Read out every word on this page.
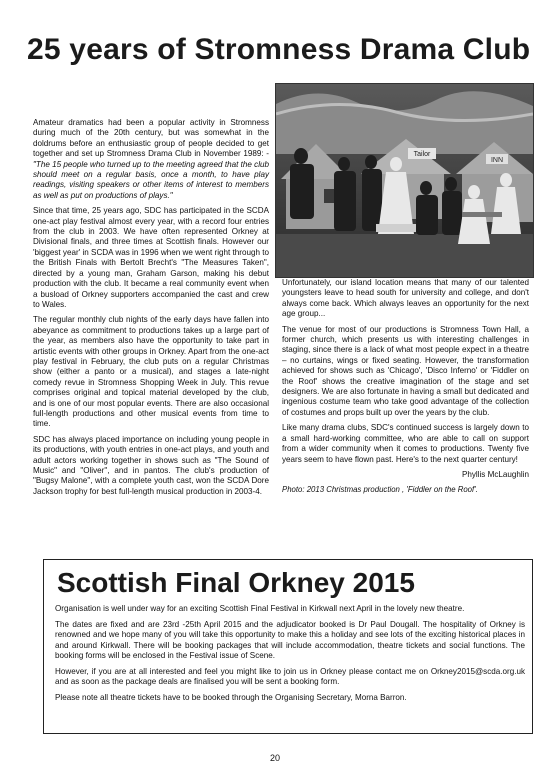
25 years of Stromness Drama Club

Amateur dramatics had been a popular activity in Stromness during much of the 20th century, but was somewhat in the doldrums before an enthusiastic group of people decided to get together and set up Stromness Drama Club in November 1989: - "The 15 people who turned up to the meeting agreed that the club should meet on a regular basis, once a month, to have play readings, visiting speakers or other items of interest to members as well as put on productions of plays."

Since that time, 25 years ago, SDC has participated in the SCDA one-act play festival almost every year, with a record four entries from the club in 2003. We have often represented Orkney at Divisional finals, and three times at Scottish finals. However our 'biggest year' in SCDA was in 1996 when we went right through to the British Finals with Bertolt Brecht's "The Measures Taken", directed by a young man, Graham Garson, making his debut production with the club. It became a real community event when a busload of Orkney supporters accompanied the cast and crew to Wales.

The regular monthly club nights of the early days have fallen into abeyance as commitment to productions takes up a large part of the year, as members also have the opportunity to take part in artistic events with other groups in Orkney. Apart from the one-act play festival in February, the club puts on a regular Christmas show (either a panto or a musical), and stages a late-night comedy revue in Stromness Shopping Week in July. This revue comprises original and topical material developed by the club, and is one of our most popular events. There are also occasional full-length productions and other musical events from time to time.

SDC has always placed importance on including young people in its productions, with youth entries in one-act plays, and youth and adult actors working together in shows such as "The Sound of Music" and "Oliver", and in pantos. The club's production of "Bugsy Malone", with a complete youth cast, won the SCDA Dore Jackson trophy for best full-length musical production in 2003-4.

Tailor
INN

Unfortunately, our island location means that many of our talented youngsters leave to head south for university and college, and don't always come back. Which always leaves an opportunity for the next age group...

The venue for most of our productions is Stromness Town Hall, a former church, which presents us with interesting challenges in staging, since there is a lack of what most people expect in a theatre – no curtains, wings or fixed seating. However, the transformation achieved for shows such as 'Chicago', 'Disco Inferno' or 'Fiddler on the Roof' shows the creative imagination of the stage and set designers. We are also fortunate in having a small but dedicated and ingenious costume team who take good advantage of the collection of costumes and props built up over the years by the club.

Like many drama clubs, SDC's continued success is largely down to a small hard-working committee, who are able to call on support from a wider community when it comes to productions. Twenty five years seem to have flown past. Here's to the next quarter century!

Phyllis McLaughlin

Photo: 2013 Christmas production , 'Fiddler on the Roof'.

Scottish Final Orkney 2015

Organisation is well under way for an exciting Scottish Final Festival in Kirkwall next April in the lovely new theatre.

The dates are fixed and are 23rd -25th April 2015 and the adjudicator booked is Dr Paul Dougall. The hospitality of Orkney is renowned and we hope many of you will take this opportunity to make this a holiday and see lots of the exciting historical places in and around Kirkwall. There will be booking packages that will include accommodation, theatre tickets and social functions. The booking forms will be enclosed in the Festival issue of Scene.

However, if you are at all interested and feel you might like to join us in Orkney please contact me on Orkney2015@scda.org.uk and as soon as the package deals are finalised you will be sent a booking form.

Please note all theatre tickets have to be booked through the Organising Secretary, Morna Barron.

20
